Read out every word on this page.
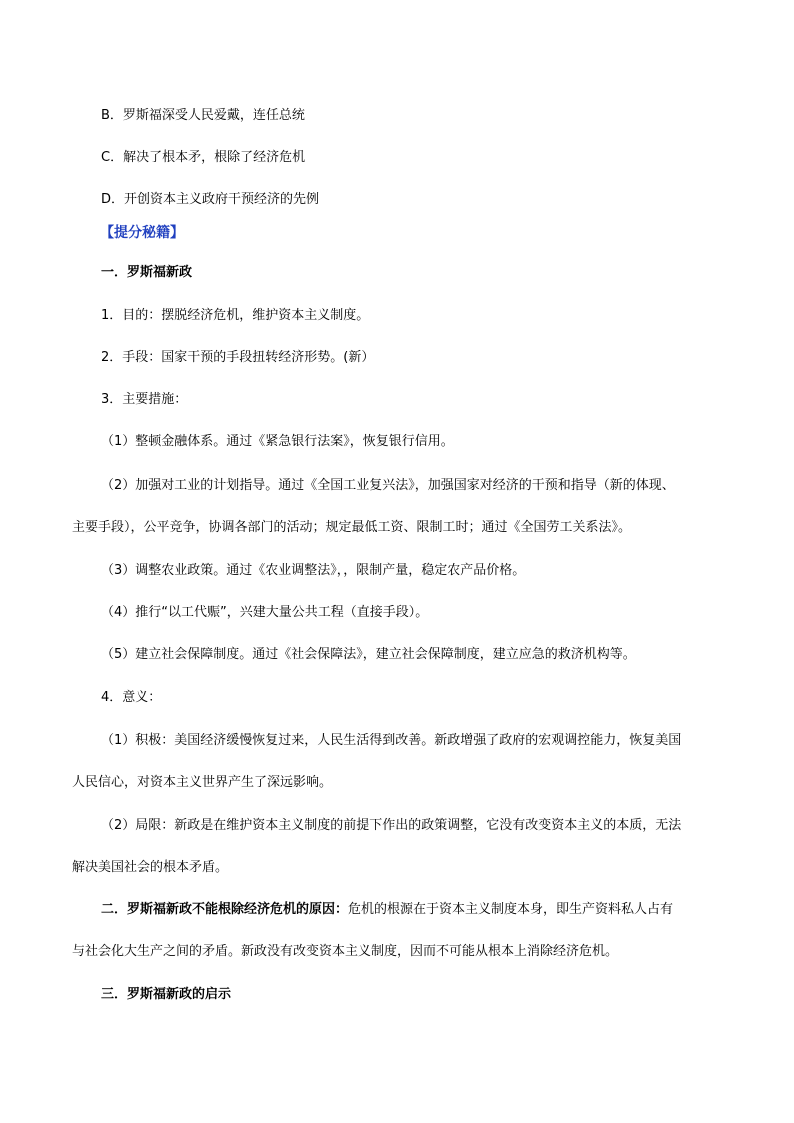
B．罗斯福深受人民爱戴，连任总统
C．解决了根本矛，根除了经济危机
D．开创资本主义政府干预经济的先例
【提分秘籍】
一．罗斯福新政
1．目的：摆脱经济危机，维护资本主义制度。
2．手段：国家干预的手段扭转经济形势。(新）
3．主要措施：
（1）整顿金融体系。通过《紧急银行法案》，恢复银行信用。
（2）加强对工业的计划指导。通过《全国工业复兴法》，加强国家对经济的干预和指导（新的体现、
主要手段），公平竞争，协调各部门的活动；规定最低工资、限制工时；通过《全国劳工关系法》。
（3）调整农业政策。通过《农业调整法》，，限制产量，稳定农产品价格。
（4）推行“以工代赈”，兴建大量公共工程（直接手段）。
（5）建立社会保障制度。通过《社会保障法》，建立社会保障制度，建立应急的救济机构等。
4．意义：
（1）积极：美国经济缓慢恢复过来，人民生活得到改善。新政增强了政府的宏观调控能力，恢复美国
人民信心，对资本主义世界产生了深远影响。
（2）局限：新政是在维护资本主义制度的前提下作出的政策调整，它没有改变资本主义的本质，无法
解决美国社会的根本矛盾。
二．罗斯福新政不能根除经济危机的原因：危机的根源在于资本主义制度本身，即生产资料私人占有
与社会化大生产之间的矛盾。新政没有改变资本主义制度，因而不可能从根本上消除经济危机。
三．罗斯福新政的启示
